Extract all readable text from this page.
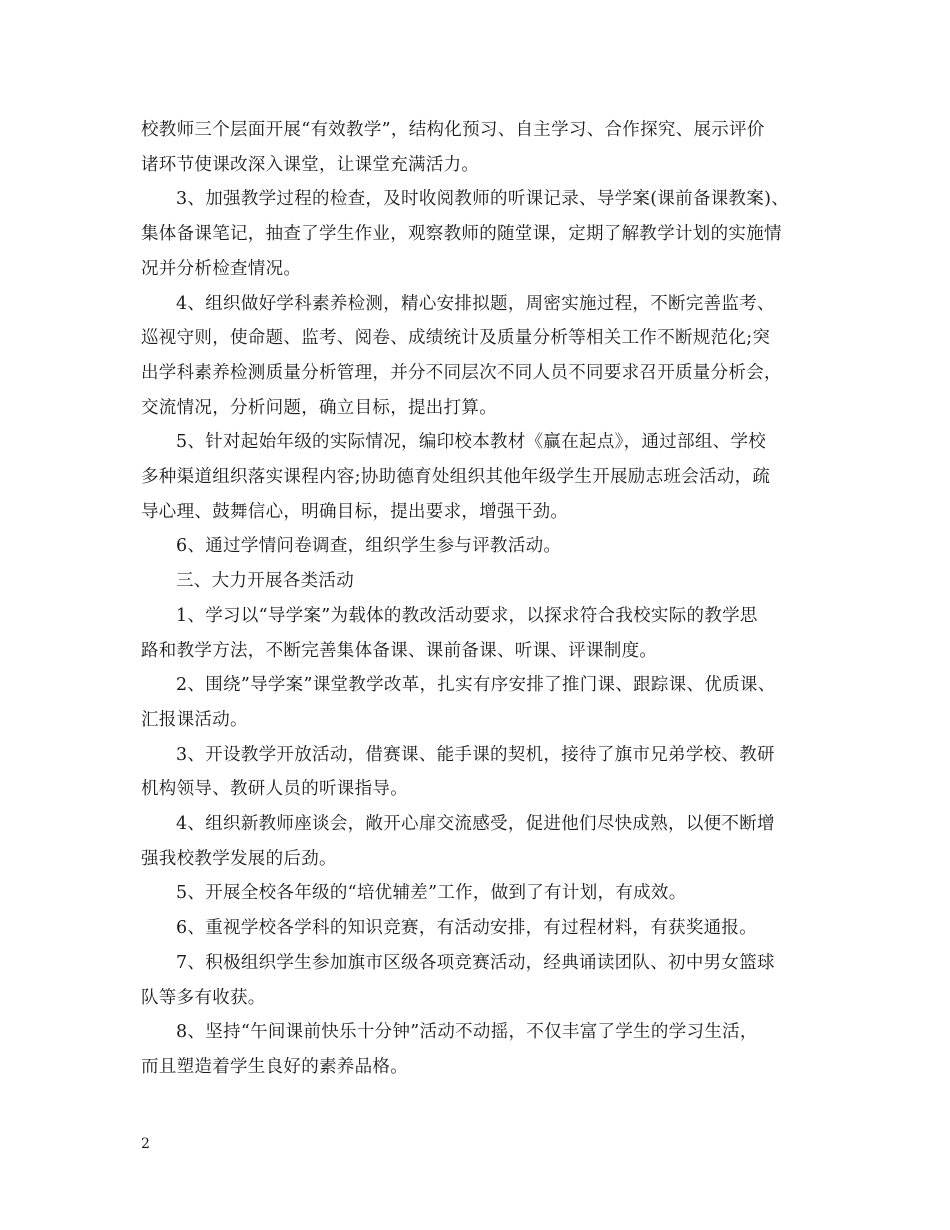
校教师三个层面开展“有效教学”，结构化预习、自主学习、合作探究、展示评价

诸环节使课改深入课堂，让课堂充满活力。

3、加强教学过程的检查，及时收阅教师的听课记录、导学案(课前备课教案)、

集体备课笔记，抽查了学生作业，观察教师的随堂课，定期了解教学计划的实施情

况并分析检查情况。

4、组织做好学科素养检测，精心安排拟题，周密实施过程，不断完善监考、

巡视守则，使命题、监考、阅卷、成绩统计及质量分析等相关工作不断规范化;突

出学科素养检测质量分析管理，并分不同层次不同人员不同要求召开质量分析会，

交流情况，分析问题，确立目标，提出打算。

5、针对起始年级的实际情况，编印校本教材《赢在起点》，通过部组、学校

多种渠道组织落实课程内容;协助德育处组织其他年级学生开展励志班会活动，疏

导心理、鼓舞信心，明确目标，提出要求，增强干劲。

6、通过学情问卷调查，组织学生参与评教活动。

三、大力开展各类活动

1、学习以“导学案”为载体的教改活动要求，以探求符合我校实际的教学思

路和教学方法，不断完善集体备课、课前备课、听课、评课制度。

2、围绕”导学案”课堂教学改革，扎实有序安排了推门课、跟踪课、优质课、

汇报课活动。

3、开设教学开放活动，借赛课、能手课的契机，接待了旗市兄弟学校、教研

机构领导、教研人员的听课指导。

4、组织新教师座谈会，敞开心扉交流感受，促进他们尽快成熟，以便不断增

强我校教学发展的后劲。

5、开展全校各年级的“培优辅差”工作，做到了有计划，有成效。

6、重视学校各学科的知识竞赛，有活动安排，有过程材料，有获奖通报。

7、积极组织学生参加旗市区级各项竞赛活动，经典诵读团队、初中男女篮球

队等多有收获。

8、坚持“午间课前快乐十分钟”活动不动摇，不仅丰富了学生的学习生活，

而且塑造着学生良好的素养品格。

2
